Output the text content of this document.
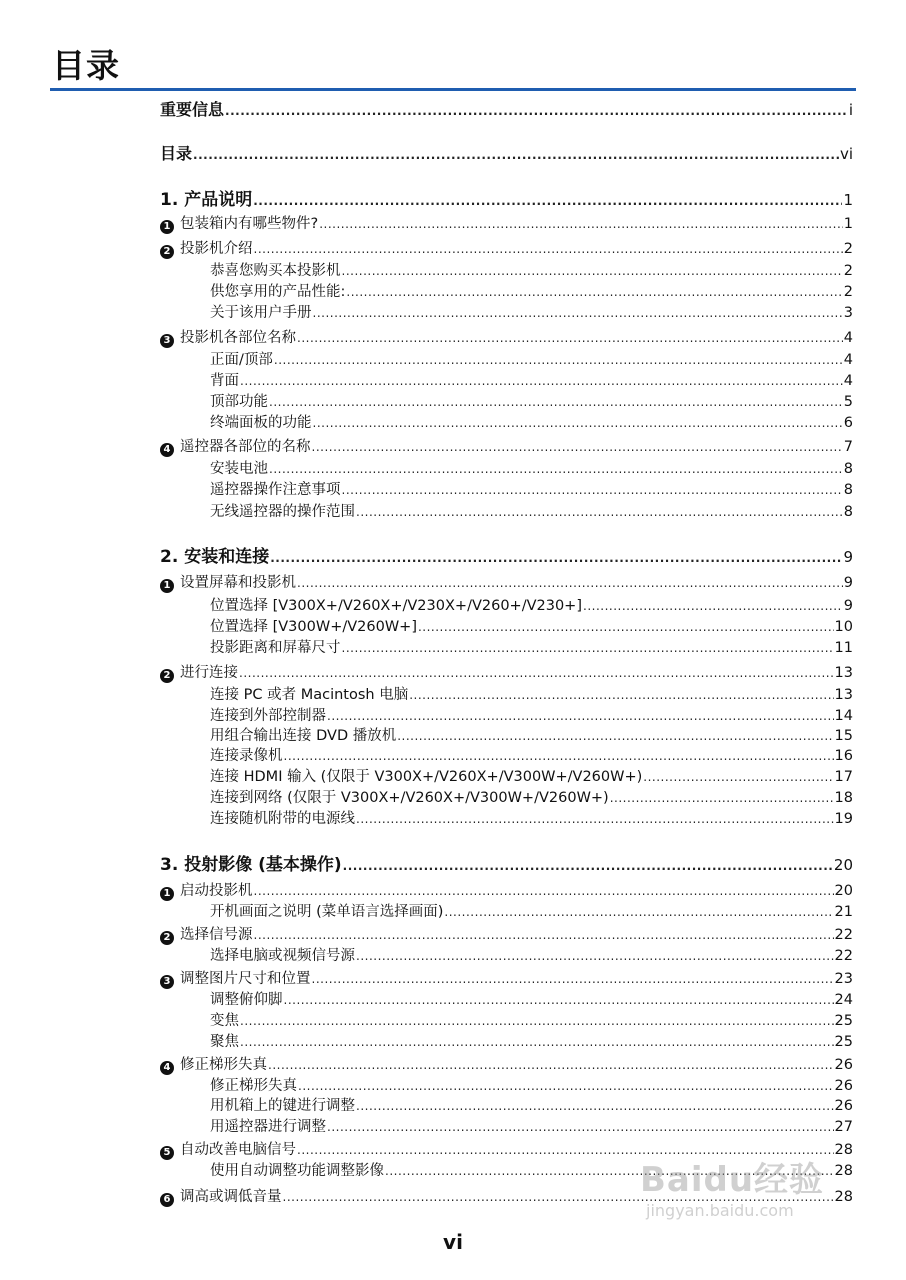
目录
重要信息 .....	i
目录 .....	vi
1. 产品说明 .....	1
1 包装箱内有哪些物件? .....	1
2 投影机介绍 .....	2
恭喜您购买本投影机 .....	2
供您享用的产品性能: .....	2
关于该用户手册 .....	3
3 投影机各部位名称 .....	4
正面/顶部 .....	4
背面 .....	4
顶部功能 .....	5
终端面板的功能 .....	6
4 遥控器各部位的名称 .....	7
安装电池 .....	8
遥控器操作注意事项 .....	8
无线遥控器的操作范围 .....	8
2. 安装和连接 .....	9
1 设置屏幕和投影机 .....	9
位置选择 [V300X+/V260X+/V230X+/V260+/V230+] .....	9
位置选择 [V300W+/V260W+] .....	10
投影距离和屏幕尺寸 .....	11
2 进行连接 .....	13
连接 PC 或者 Macintosh 电脑 .....	13
连接到外部控制器 .....	14
用组合输出连接 DVD 播放机 .....	15
连接录像机 .....	16
连接 HDMI 输入 (仅限于 V300X+/V260X+/V300W+/V260W+) .....	17
连接到网络 (仅限于 V300X+/V260X+/V300W+/V260W+) .....	18
连接随机附带的电源线 .....	19
3. 投射影像 (基本操作) .....	20
1 启动投影机 .....	20
开机画面之说明 (菜单语言选择画面) .....	21
2 选择信号源 .....	22
选择电脑或视频信号源 .....	22
3 调整图片尺寸和位置 .....	23
调整俯仰脚 .....	24
变焦 .....	25
聚焦 .....	25
4 修正梯形失真 .....	26
修正梯形失真 .....	26
用机箱上的键进行调整 .....	26
用遥控器进行调整 .....	27
5 自动改善电脑信号 .....	28
使用自动调整功能调整影像 .....	28
6 调高或调低音量 .....	28
vi
Baidu经验
jingyan.baidu.com
